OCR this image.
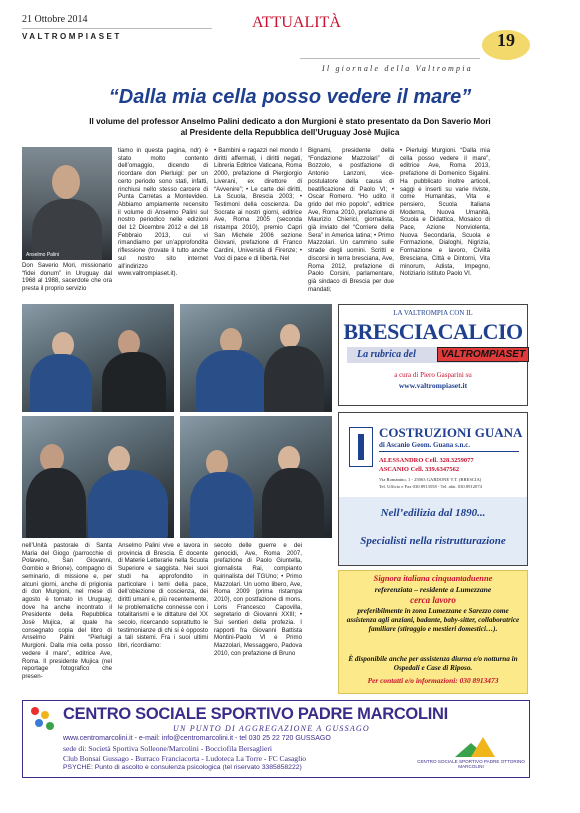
21 Ottobre 2014
VALTROMPIASET
ATTUALITÀ
19
Il giornale della Valtrompia
“Dalla mia cella posso vedere il mare”
Il volume del professor Anselmo Palini dedicato a don Murgioni è stato presentato da Don Saverio Mori
al Presidente della Repubblica dell’Uruguay Josè Mujica
Anselmo Palini
Don Saverio Mori, missionario “fidei donum” in Uruguay dal 1968 al 1988, sacerdote che ora presta il proprio servizio
tiamo in questa pagina, ndr) è stato molto contento dell’omaggio, dicendo di ricordare don Pierluigi: per un certo periodo sono stati, infatti, rinchiusi nello stesso carcere di Punta Carretas a Montevideo. Abbiamo ampiamente recensito il volume di Anselmo Palini sul nostro periodico nelle edizioni del 12 Dicembre 2012 e del 18 Febbraio 2013, cui vi rimandiamo per un’approfondita riflessione (trovate il tutto anche sul nostro sito internet all’indirizzo www.valtrompiaset.it).
• Bambini e ragazzi nel mondo I diritti affermati, i diritti negati, Libreria Editrice Vaticana, Roma 2000, prefazione di Piergiorgio Liverani, ex direttore di “Avvenire”; • Le carte dei diritti, La Scuola, Brescia 2003; • Testimoni della coscienza. Da Socrate ai nostri giorni, editrice Ave, Roma 2005 (seconda ristampa 2010), premio Capri San Michele 2006 sezione Giovani, prefazione di Franco Cardini, Università di Firenze; • Voci di pace e di libertà. Nel
Bignami, presidente della “Fondazione Mazzolari” di Bozzolo, e postfazione di Antonio Lanzoni, vice-postulatore della causa di beatificazione di Paolo VI; • Oscar Romero. “Ho udito il grido del mio popolo”, editrice Ave, Roma 2010, prefazione di Maurizio Chierici, giornalista, già inviato del “Corriere della Sera” in America latina; • Primo Mazzolari. Un cammino sulle strade degli uomini. Scritti e discorsi in terra bresciana, Ave, Roma 2012, prefazione di Paolo Corsini, parlamentare, già sindaco di Brescia per due mandati;
• Pierluigi Murgioni. “Dalla mia cella posso vedere il mare”, editrice Ave, Roma 2013, prefazione di Domenico Sigalini. Ha pubblicato inoltre articoli, saggi e inserti su varie riviste, come Humanitas, Vita e pensiero, Scuola Italiana Moderna, Nuova Umanità, Scuola e Didattica, Mosaico di Pace, Azione Nonviolenta, Nuova Secondaria, Scuola e Formazione, Dialoghi, Nigrizia, Formazione e lavoro, Civiltà Bresciana, Città e Dintorni, Vita minorum, Adista, Impegno, Notiziario Istituto Paolo VI.
nell’Unità pastorale di Santa Maria del Giogo (parrocchie di Polaveno, San Giovanni, Gombio e Brione), compagno di seminario, di missione e, per alcuni giorni, anche di prigionia di don Murgioni, nel mese di agosto è tornato in Uruguay, dove ha anche incontrato il Presidente della Repubblica Josè Mujica, al quale ha consegnato copia del libro di Anselmo Palini “Pierluigi Murgioni. Dalla mia cella posso vedere il mare”, editrice Ave, Roma. Il presidente Mujica (nel reportage fotografico che presen-
Anselmo Palini vive e lavora in provincia di Brescia. È docente di Materie Letterarie nella Scuola Superiore e saggista. Nei suoi studi ha approfondito in particolare i temi della pace, dell’obiezione di coscienza, dei diritti umani e, più recentemente, le problematiche connesse con i totalitarismi e le dittature del XX secolo, ricercando soprattutto le testimonianze di chi si è opposto a tali sistemi. Fra i suoi ultimi libri, ricordiamo:
secolo delle guerre e dei genocidi, Ave, Roma 2007, prefazione di Paolo Giuntella, giornalista Rai, compianto quirinalista del TGUno; • Primo Mazzolari. Un uomo libero, Ave, Roma 2009 (prima ristampa 2010), con postfazione di mons. Loris Francesco Capovilla, segretario di Giovanni XXIII; • Sui sentieri della profezia. I rapporti fra Giovanni Battista Montini-Paolo VI e Primo Mazzolari, Messaggero, Padova 2010, con prefazione di Bruno
LA VALTROMPIA CON IL
BRESCIACALCIO
La rubrica del	VALTROMPIASET
a cura di Piero Gasparini su
www.valtrompiaset.it
COSTRUZIONI GUANA
di Ascanio Geom. Guana s.n.c.
ALESSANDRO Cell. 328.3259077
ASCANIO Cell. 339.6347562
Via Romanino, 1 - 25063 GARDONE V.T. (BRESCIA)
Tel. Ufficio e Fax 030.8913558 - Tel. abit. 030.8912074
Nell’edilizia dal 1890...
Specialisti nella ristrutturazione
Signora italiana cinquantaduenne
referenziata – residente a Lumezzane
cerca lavoro
preferibilmente in zona Lumezzane e Sarezzo come assistenza agli anziani, badante, baby-sitter, collaboratrice familiare (stiraggio e mestieri domestici…).
È disponibile anche per assistenza diurna e/o notturna in Ospedali e Case di Riposo.
Per contatti e/o informazioni: 030 8913473
CENTRO SOCIALE SPORTIVO PADRE MARCOLINI
UN PUNTO DI AGGREGAZIONE A GUSSAGO
www.centromarcolini.it - e-mail: info@centromarcolini.it - tel 030 25 22 720 GUSSAGO
sede di: Società Sportiva Solleone/Marcolini - Bocciofila Bersaglieri
Club Bonsai Gussago - Burraco Franciacorta - Ludoteca La Torre - FC Casaglio
PSYCHE: Punto di ascolto e consulenza psicologica (tel riservato 3385858222)
CENTRO SOCIALE SPORTIVO PADRE OTTORINO MARCOLINI
